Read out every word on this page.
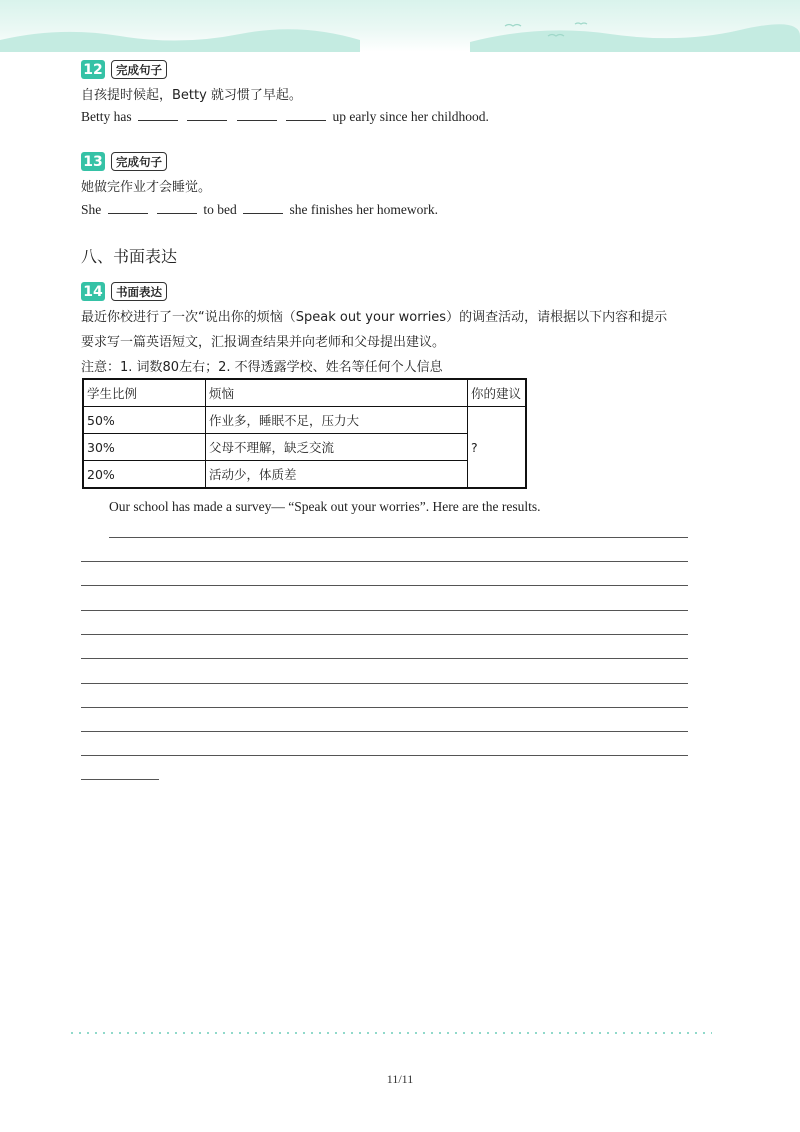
12	完成句子
自孩提时候起，Betty 就习惯了早起。
Betty has	up early since her childhood.
13	完成句子
她做完作业才会睡觉。
She	to bed	she finishes her homework.
八、书面表达
14	书面表达
最近你校进行了一次“说出你的烦恼（Speak out your worries）的调查活动，请根据以下内容和提示
要求写一篇英语短文，汇报调查结果并向老师和父母提出建议。
注意：1. 词数80左右；2. 不得透露学校、姓名等任何个人信息
学生比例	烦恼	你的建议
50%	作业多，睡眠不足，压力大	?
30%	父母不理解，缺乏交流	
20%	活动少，体质差	
Our school has made a survey— “Speak out your worries”. Here are the results.
11/11
